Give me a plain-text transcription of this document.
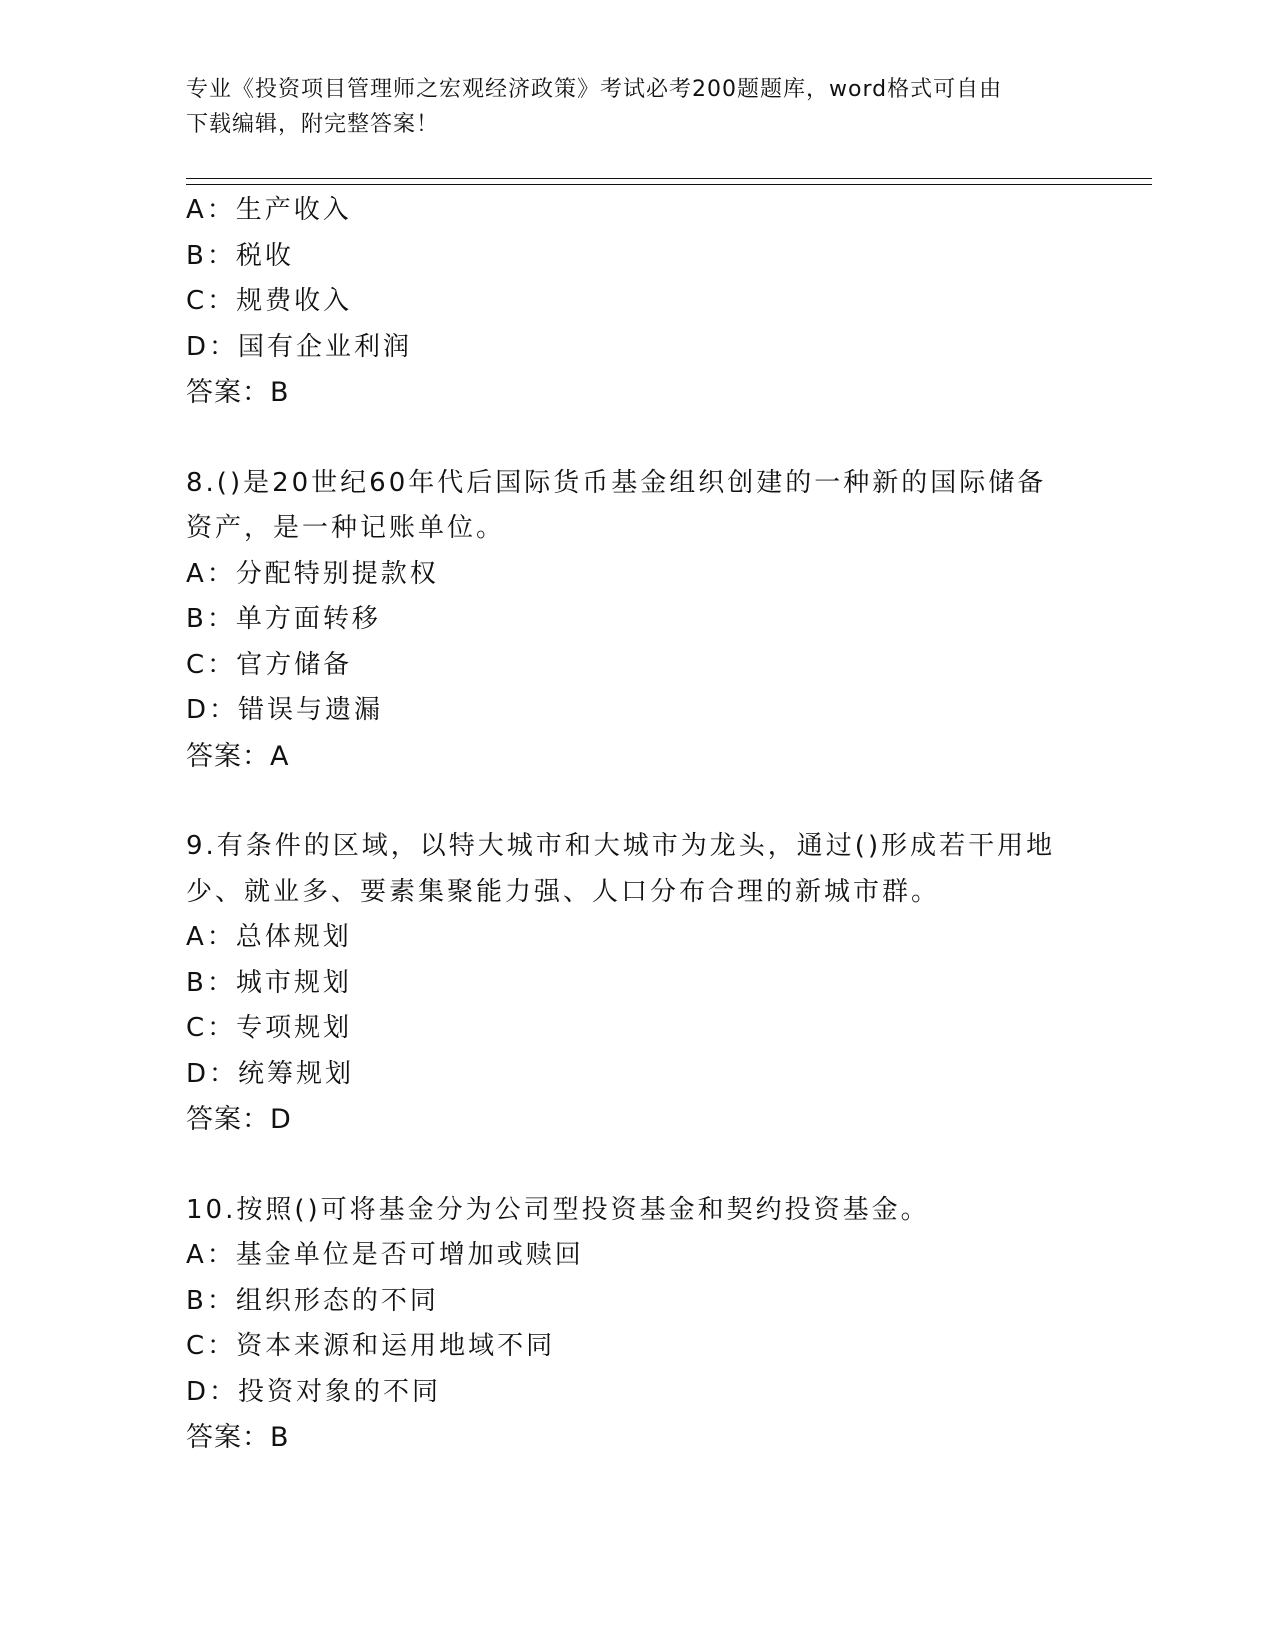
专业《投资项目管理师之宏观经济政策》考试必考200题题库，word格式可自由
下载编辑，附完整答案！
A：生产收入
B：税收
C：规费收入
D：国有企业利润
答案：B
8.()是20世纪60年代后国际货币基金组织创建的一种新的国际储备
资产，是一种记账单位。
A：分配特别提款权
B：单方面转移
C：官方储备
D：错误与遗漏
答案：A
9.有条件的区域，以特大城市和大城市为龙头，通过()形成若干用地
少、就业多、要素集聚能力强、人口分布合理的新城市群。
A：总体规划
B：城市规划
C：专项规划
D：统筹规划
答案：D
10.按照()可将基金分为公司型投资基金和契约投资基金。
A：基金单位是否可增加或赎回
B：组织形态的不同
C：资本来源和运用地域不同
D：投资对象的不同
答案：B
